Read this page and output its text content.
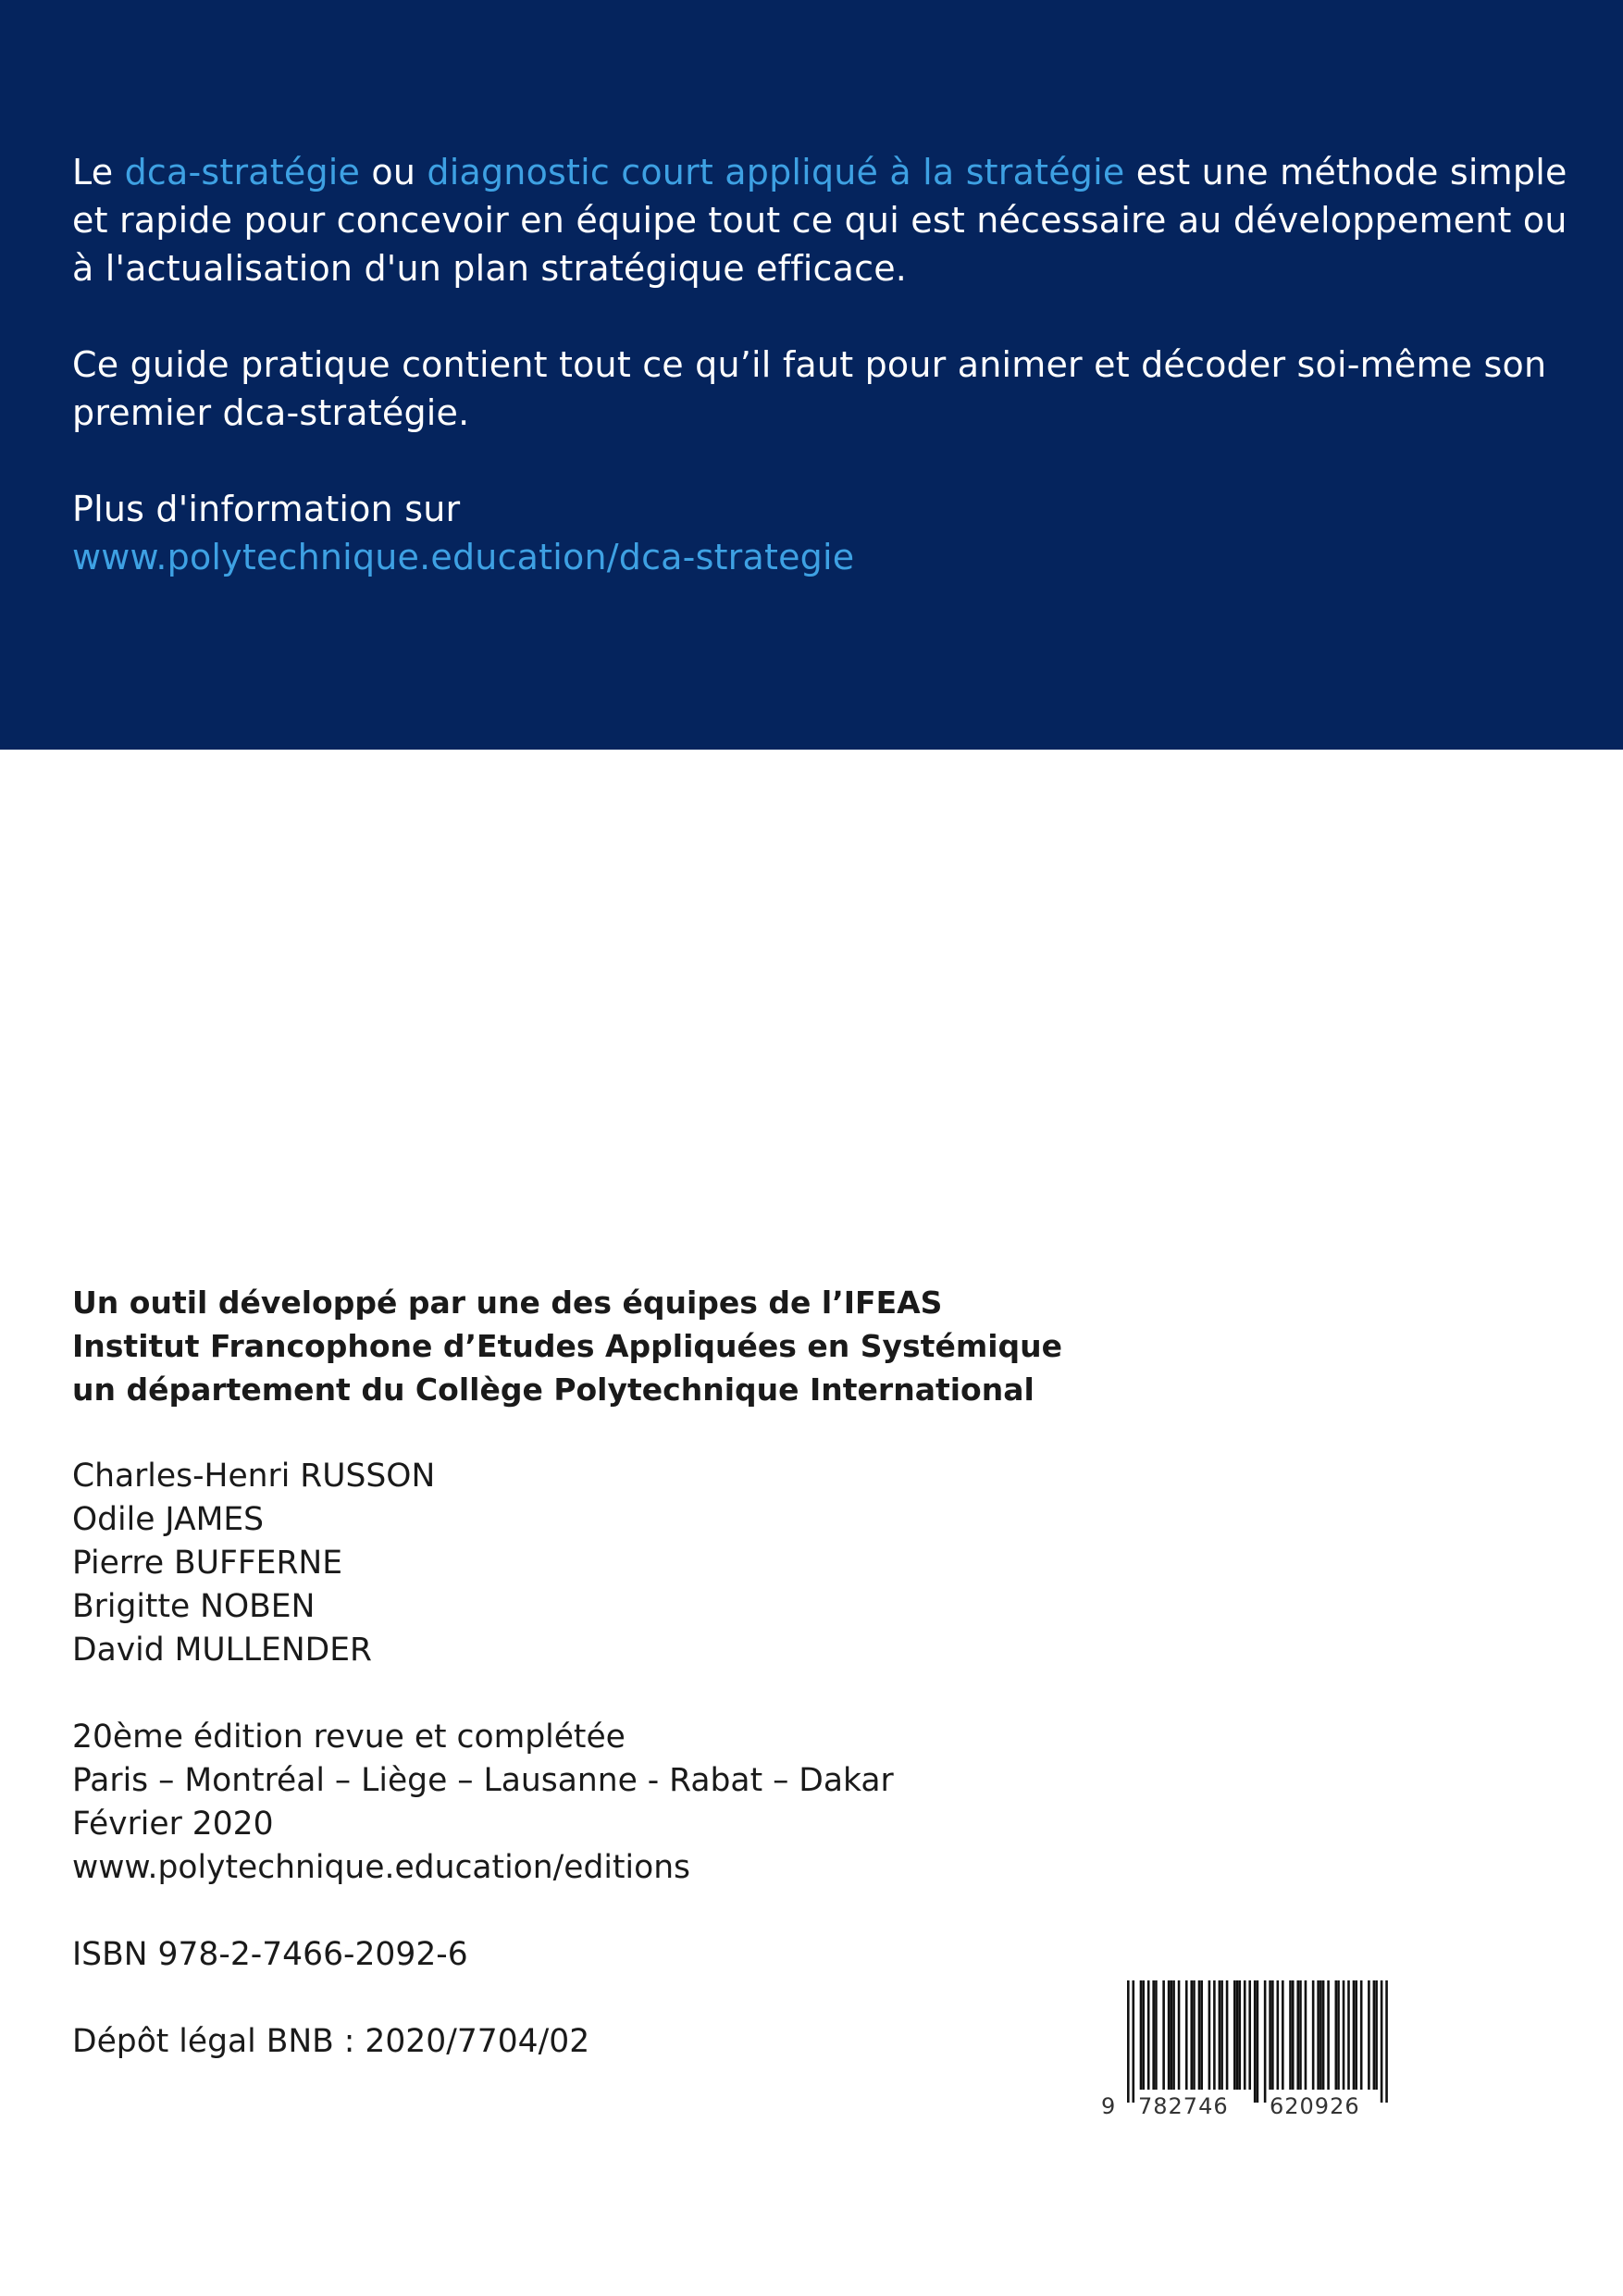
Le dca-stratégie ou diagnostic court appliqué à la stratégie est une méthode simple et rapide pour concevoir en équipe tout ce qui est nécessaire au développement ou à l'actualisation d'un plan stratégique efficace.

Ce guide pratique contient tout ce qu’il faut pour animer et décoder soi-même son premier dca-stratégie.

Plus d'information sur
www.polytechnique.education/dca-strategie

Un outil développé par une des équipes de l’IFEAS
Institut Francophone d’Etudes Appliquées en Systémique
un département du Collège Polytechnique International
Charles-Henri RUSSON
Odile JAMES
Pierre BUFFERNE
Brigitte NOBEN
David MULLENDER
20ème édition revue et complétée
Paris – Montréal – Liège – Lausanne - Rabat – Dakar
Février 2020
www.polytechnique.education/editions
ISBN 978-2-7466-2092-6
Dépôt légal BNB : 2020/7704/02
9 782746 620926
